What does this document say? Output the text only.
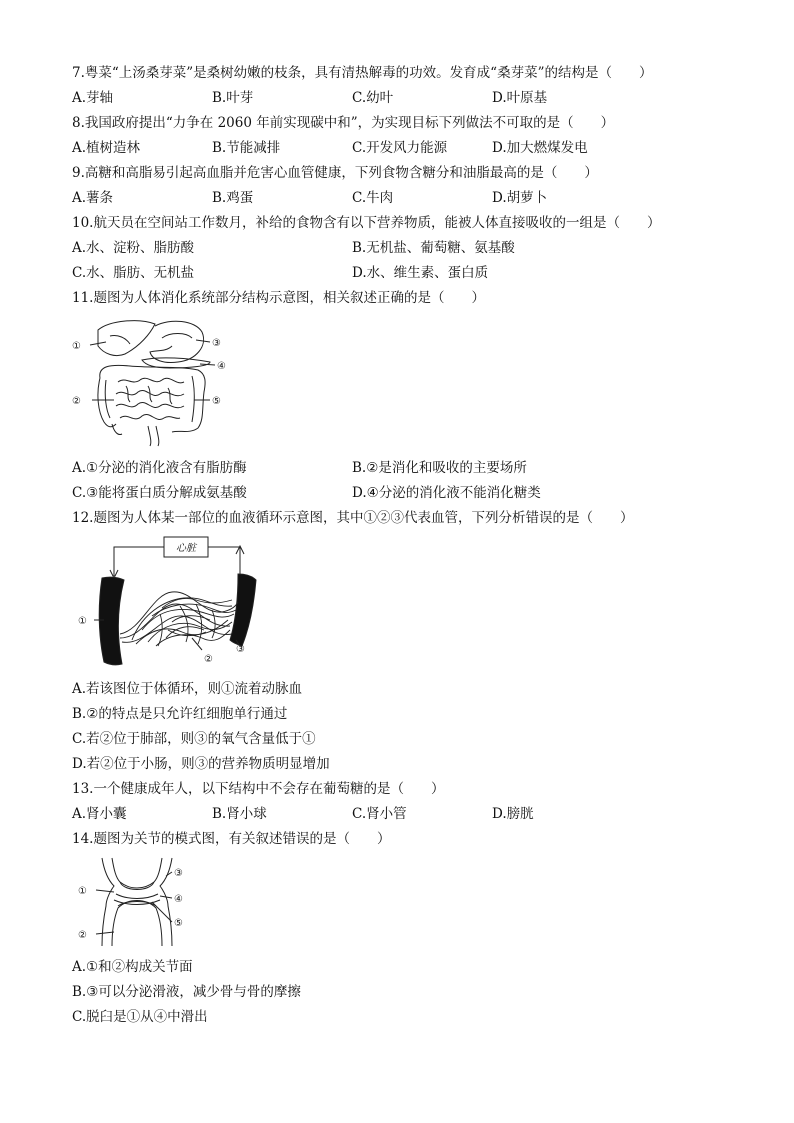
7.粤菜“上汤桑芽菜”是桑树幼嫩的枝条，具有清热解毒的功效。发育成“桑芽菜”的结构是（　　）
A.芽轴	B.叶芽	C.幼叶	D.叶原基
8.我国政府提出“力争在 2060 年前实现碳中和”，为实现目标下列做法不可取的是（　　）
A.植树造林	B.节能减排	C.开发风力能源	D.加大燃煤发电
9.高糖和高脂易引起高血脂并危害心血管健康，下列食物含糖分和油脂最高的是（　　）
A.薯条	B.鸡蛋	C.牛肉	D.胡萝卜
10.航天员在空间站工作数月，补给的食物含有以下营养物质，能被人体直接吸收的一组是（　　）
A.水、淀粉、脂肪酸	B.无机盐、葡萄糖、氨基酸
C.水、脂肪、无机盐	D.水、维生素、蛋白质
11.题图为人体消化系统部分结构示意图，相关叙述正确的是（　　）
①
②
③
④
⑤
A.①分泌的消化液含有脂肪酶	B.②是消化和吸收的主要场所
C.③能将蛋白质分解成氨基酸	D.④分泌的消化液不能消化糖类
12.题图为人体某一部位的血液循环示意图，其中①②③代表血管，下列分析错误的是（　　）
心脏
①
②
③
A.若该图位于体循环，则①流着动脉血
B.②的特点是只允许红细胞单行通过
C.若②位于肺部，则③的氧气含量低于①
D.若②位于小肠，则③的营养物质明显增加
13.一个健康成年人，以下结构中不会存在葡萄糖的是（　　）
A.肾小囊	B.肾小球	C.肾小管	D.膀胱
14.题图为关节的模式图，有关叙述错误的是（　　）
①
②
③
④
⑤
A.①和②构成关节面
B.③可以分泌滑液，减少骨与骨的摩擦
C.脱臼是①从④中滑出
